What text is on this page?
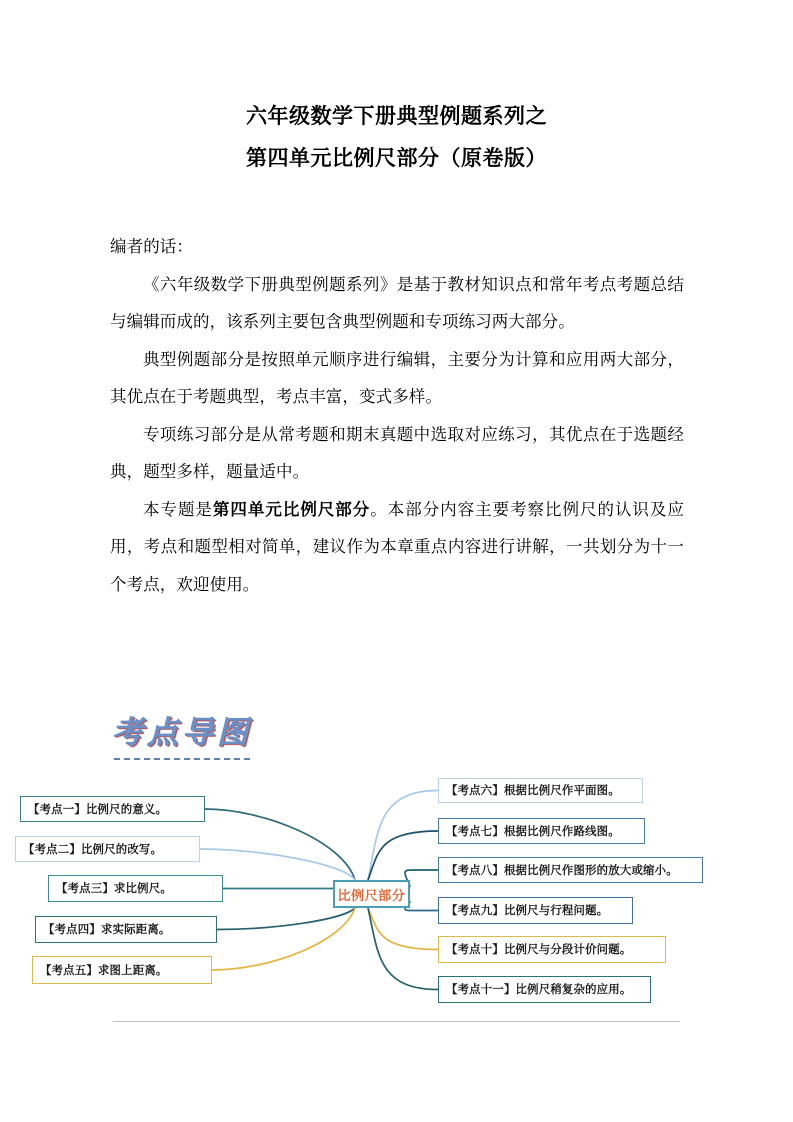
六年级数学下册典型例题系列之
第四单元比例尺部分（原卷版）

编者的话：

《六年级数学下册典型例题系列》是基于教材知识点和常年考点考题总结与编辑而成的，该系列主要包含典型例题和专项练习两大部分。

典型例题部分是按照单元顺序进行编辑，主要分为计算和应用两大部分，其优点在于考题典型，考点丰富，变式多样。

专项练习部分是从常考题和期末真题中选取对应练习，其优点在于选题经典，题型多样，题量适中。

本专题是第四单元比例尺部分。本部分内容主要考察比例尺的认识及应用，考点和题型相对简单，建议作为本章重点内容进行讲解，一共划分为十一个考点，欢迎使用。

考点导图
比例尺部分
【考点一】比例尺的意义。
【考点二】比例尺的改写。
【考点三】求比例尺。
【考点四】求实际距离。
【考点五】求图上距离。
【考点六】根据比例尺作平面图。
【考点七】根据比例尺作路线图。
【考点八】根据比例尺作图形的放大或缩小。
【考点九】比例尺与行程问题。
【考点十】比例尺与分段计价问题。
【考点十一】比例尺稍复杂的应用。
